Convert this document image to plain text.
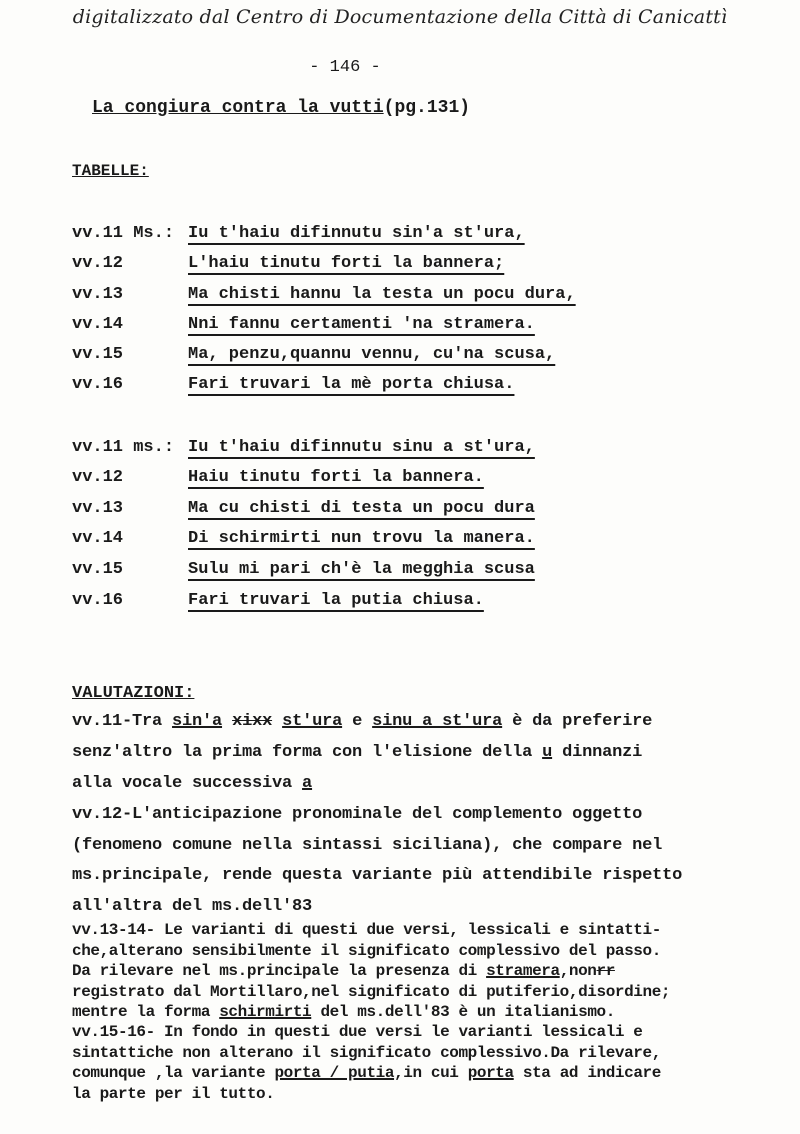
digitalizzato dal Centro di Documentazione della Città di Canicattì
- 146 -
La congiura contra la vutti(pg.131)
TABELLE:
vv.11 Ms.: Iu t'haiu difinnutu sin'a st'ura,
vv.12	L'haiu tinutu forti la bannera;
vv.13	Ma chisti hannu la testa un pocu dura,
vv.14	Nni fannu certamenti 'na stramera.
vv.15	Ma, penzu,quannu vennu, cu'na scusa,
vv.16	Fari truvari la mè porta chiusa.
vv.11 ms.: Iu t'haiu difinnutu sinu a st'ura,
vv.12	Haiu tinutu forti la bannera.
vv.13	Ma cu chisti di testa un pocu dura
vv.14	Di schirmirti nun trovu la manera.
vv.15	Sulu mi pari ch'è la megghia scusa
vv.16	Fari truvari la putia chiusa.
VALUTAZIONI:
vv.11-Tra sin'a xixx st'ura e sinu a st'ura è da preferire
senz'altro la prima forma con l'elisione della u dinnanzi
alla vocale successiva a
vv.12-L'anticipazione pronominale del complemento oggetto
(fenomeno comune nella sintassi siciliana), che compare nel
ms.principale, rende questa variante più attendibile rispetto
all'altra del ms.dell'83
vv.13-14- Le varianti di questi due versi, lessicali e sintatti-
che,alterano sensibilmente il significato complessivo del passo.
Da rilevare nel ms.principale la presenza di stramera,nonrr
registrato dal Mortillaro,nel significato di putiferio,disordine;
mentre la forma schirmirti del ms.dell'83 è un italianismo.
vv.15-16- In fondo in questi due versi le varianti lessicali e
sintattiche non alterano il significato complessivo.Da rilevare,
comunque ,la variante porta / putia,in cui porta sta ad indicare
la parte per il tutto.
